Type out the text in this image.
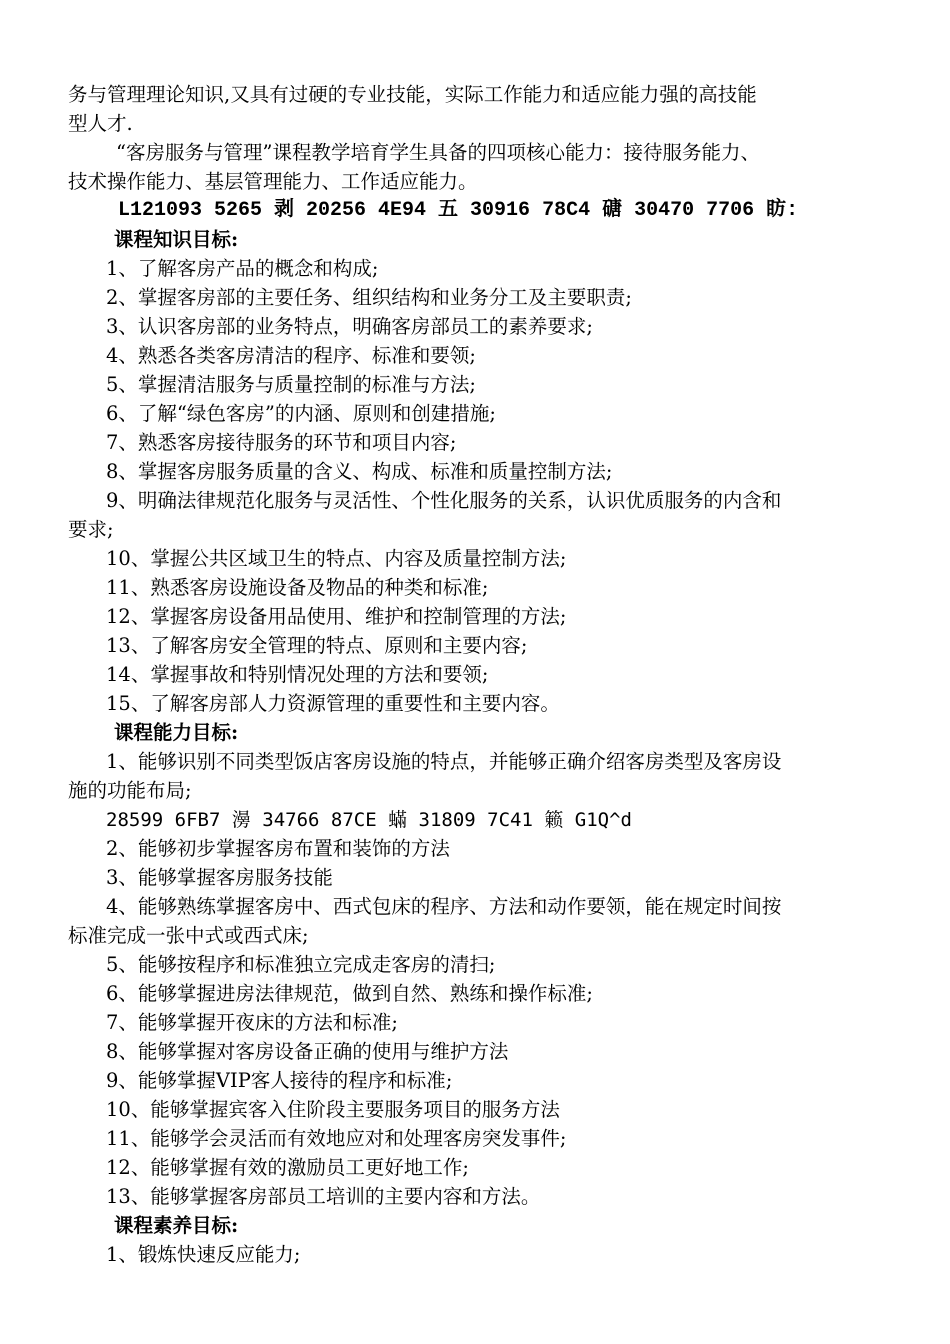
务与管理理论知识,又具有过硬的专业技能，实际工作能力和适应能力强的高技能
型人才.
“客房服务与管理”课程教学培育学生具备的四项核心能力：接待服务能力、
技术操作能力、基层管理能力、工作适应能力。
L121093 5265 剥 20256 4E94 五 30916 78C4 磄 30470 7706 眆:
课程知识目标:
1、了解客房产品的概念和构成;
2、掌握客房部的主要任务、组织结构和业务分工及主要职责;
3、认识客房部的业务特点，明确客房部员工的素养要求;
4、熟悉各类客房清洁的程序、标准和要领;
5、掌握清洁服务与质量控制的标准与方法;
6、了解“绿色客房”的内涵、原则和创建措施;
7、熟悉客房接待服务的环节和项目内容;
8、掌握客房服务质量的含义、构成、标准和质量控制方法;
9、明确法律规范化服务与灵活性、个性化服务的关系，认识优质服务的内含和
要求;
10、掌握公共区域卫生的特点、内容及质量控制方法;
11、熟悉客房设施设备及物品的种类和标准;
12、掌握客房设备用品使用、维护和控制管理的方法;
13、了解客房安全管理的特点、原则和主要内容;
14、掌握事故和特别情况处理的方法和要领;
15、了解客房部人力资源管理的重要性和主要内容。
课程能力目标:
1、能够识别不同类型饭店客房设施的特点，并能够正确介绍客房类型及客房设
施的功能布局;
28599 6FB7 澷 34766 87CE 蟎 31809 7C41 籁 G1Q^d
2、能够初步掌握客房布置和装饰的方法
3、能够掌握客房服务技能
4、能够熟练掌握客房中、西式包床的程序、方法和动作要领，能在规定时间按
标准完成一张中式或西式床;
5、能够按程序和标准独立完成走客房的清扫;
6、能够掌握进房法律规范，做到自然、熟练和操作标准;
7、能够掌握开夜床的方法和标准;
8、能够掌握对客房设备正确的使用与维护方法
9、能够掌握VIP客人接待的程序和标准;
10、能够掌握宾客入住阶段主要服务项目的服务方法
11、能够学会灵活而有效地应对和处理客房突发事件;
12、能够掌握有效的激励员工更好地工作;
13、能够掌握客房部员工培训的主要内容和方法。
课程素养目标:
1、锻炼快速反应能力;
